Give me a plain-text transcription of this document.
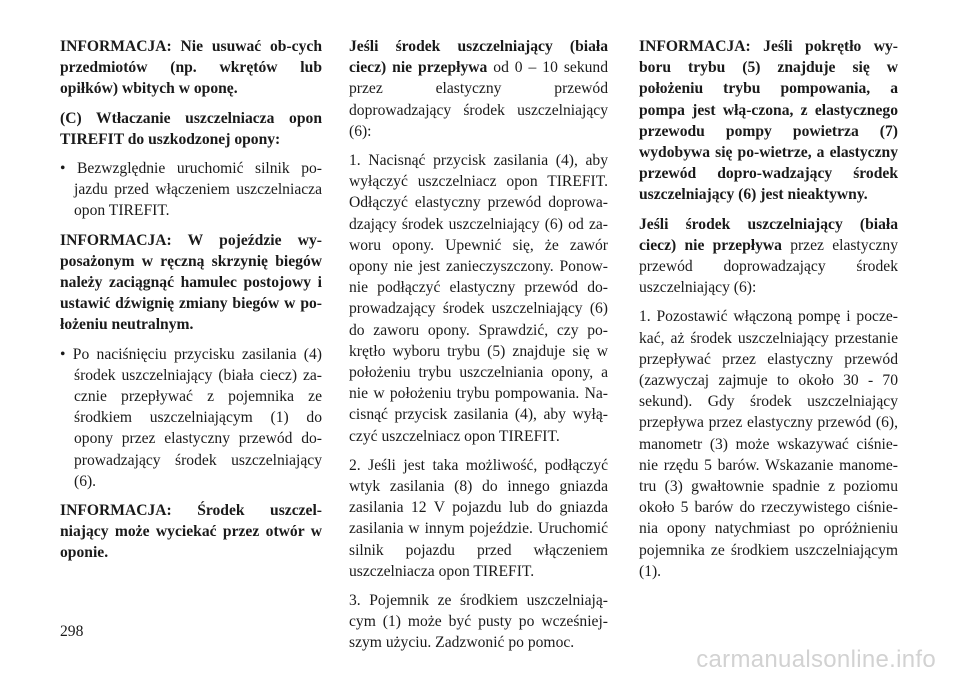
INFORMACJA: Nie usuwać ob-cych przedmiotów (np. wkrętów lub opiłków) wbitych w oponę.

(C) Wtłaczanie uszczelniacza opon TIREFIT do uszkodzonej opony:

• Bezwzględnie uruchomić silnik po-jazdu przed włączeniem uszczelniacza opon TIREFIT.

INFORMACJA: W pojeździe wy-posażonym w ręczną skrzynię biegów należy zaciągnąć hamulec postojowy i ustawić dźwignię zmiany biegów w po-łożeniu neutralnym.

• Po naciśnięciu przycisku zasilania (4) środek uszczelniający (biała ciecz) za-cznie przepływać z pojemnika ze środkiem uszczelniającym (1) do opony przez elastyczny przewód do-prowadzający środek uszczelniający (6).

INFORMACJA: Środek uszczel-niający może wyciekać przez otwór w oponie.

Jeśli środek uszczelniający (biała ciecz) nie przepływa od 0 – 10 sekund przez elastyczny przewód doprowadzający środek uszczelniający (6):

1. Nacisnąć przycisk zasilania (4), aby wyłączyć uszczelniacz opon TIREFIT. Odłączyć elastyczny przewód doprowa-dzający środek uszczelniający (6) od za-woru opony. Upewnić się, że zawór opony nie jest zanieczyszczony. Ponow-nie podłączyć elastyczny przewód do-prowadzający środek uszczelniający (6) do zaworu opony. Sprawdzić, czy po-krętło wyboru trybu (5) znajduje się w położeniu trybu uszczelniania opony, a nie w położeniu trybu pompowania. Na-cisnąć przycisk zasilania (4), aby wyłą-czyć uszczelniacz opon TIREFIT.

2. Jeśli jest taka możliwość, podłączyć wtyk zasilania (8) do innego gniazda zasilania 12 V pojazdu lub do gniazda zasilania w innym pojeździe. Uruchomić silnik pojazdu przed włączeniem uszczelniacza opon TIREFIT.

3. Pojemnik ze środkiem uszczelniają-cym (1) może być pusty po wcześniej-szym użyciu. Zadzwonić po pomoc.

INFORMACJA: Jeśli pokrętło wy-boru trybu (5) znajduje się w położeniu trybu pompowania, a pompa jest włą-czona, z elastycznego przewodu pompy powietrza (7) wydobywa się po-wietrze, a elastyczny przewód dopro-wadzający środek uszczelniający (6) jest nieaktywny.

Jeśli środek uszczelniający (biała ciecz) nie przepływa przez elastyczny przewód doprowadzający środek uszczelniający (6):

1. Pozostawić włączoną pompę i pocze-kać, aż środek uszczelniający przestanie przepływać przez elastyczny przewód (zazwyczaj zajmuje to około 30 - 70 sekund). Gdy środek uszczelniający przepływa przez elastyczny przewód (6), manometr (3) może wskazywać ciśnie-nie rzędu 5 barów. Wskazanie manome-tru (3) gwałtownie spadnie z poziomu około 5 barów do rzeczywistego ciśnie-nia opony natychmiast po opróżnieniu pojemnika ze środkiem uszczelniającym (1).

298
carmanualsonline.info
